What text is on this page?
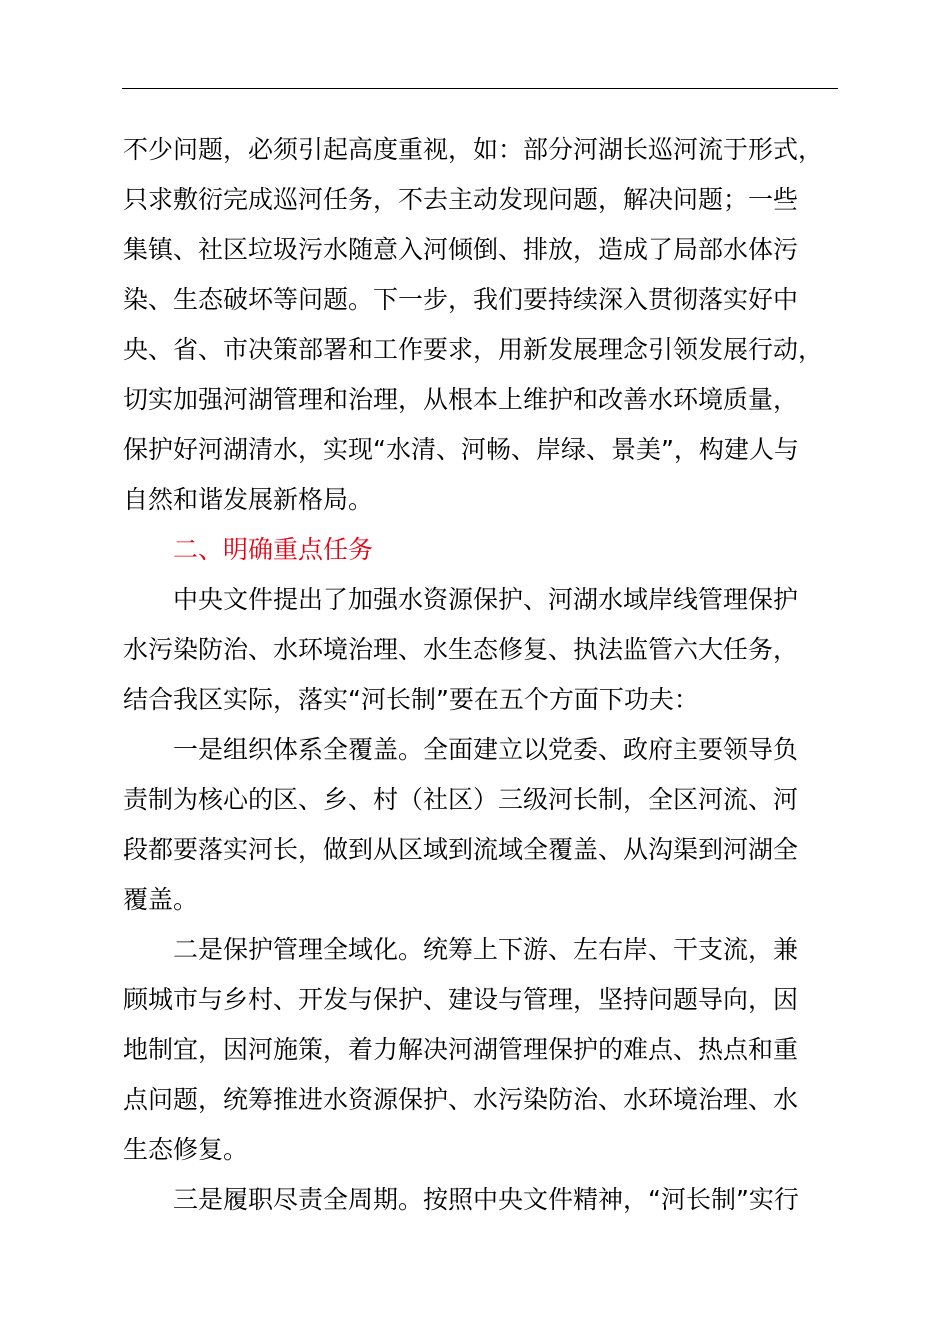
不少问题，必须引起高度重视，如：部分河湖长巡河流于形式，
只求敷衍完成巡河任务，不去主动发现问题，解决问题；一些
集镇、社区垃圾污水随意入河倾倒、排放，造成了局部水体污
染、生态破坏等问题。下一步，我们要持续深入贯彻落实好中
央、省、市决策部署和工作要求，用新发展理念引领发展行动，
切实加强河湖管理和治理，从根本上维护和改善水环境质量，
保护好河湖清水，实现“水清、河畅、岸绿、景美”，构建人与
自然和谐发展新格局。
二、明确重点任务
中央文件提出了加强水资源保护、河湖水域岸线管理保护
水污染防治、水环境治理、水生态修复、执法监管六大任务，
结合我区实际，落实“河长制”要在五个方面下功夫：
一是组织体系全覆盖。全面建立以党委、政府主要领导负
责制为核心的区、乡、村（社区）三级河长制，全区河流、河
段都要落实河长，做到从区域到流域全覆盖、从沟渠到河湖全
覆盖。
二是保护管理全域化。统筹上下游、左右岸、干支流，兼
顾城市与乡村、开发与保护、建设与管理，坚持问题导向，因
地制宜，因河施策，着力解决河湖管理保护的难点、热点和重
点问题，统筹推进水资源保护、水污染防治、水环境治理、水
生态修复。
三是履职尽责全周期。按照中央文件精神，“河长制”实行
